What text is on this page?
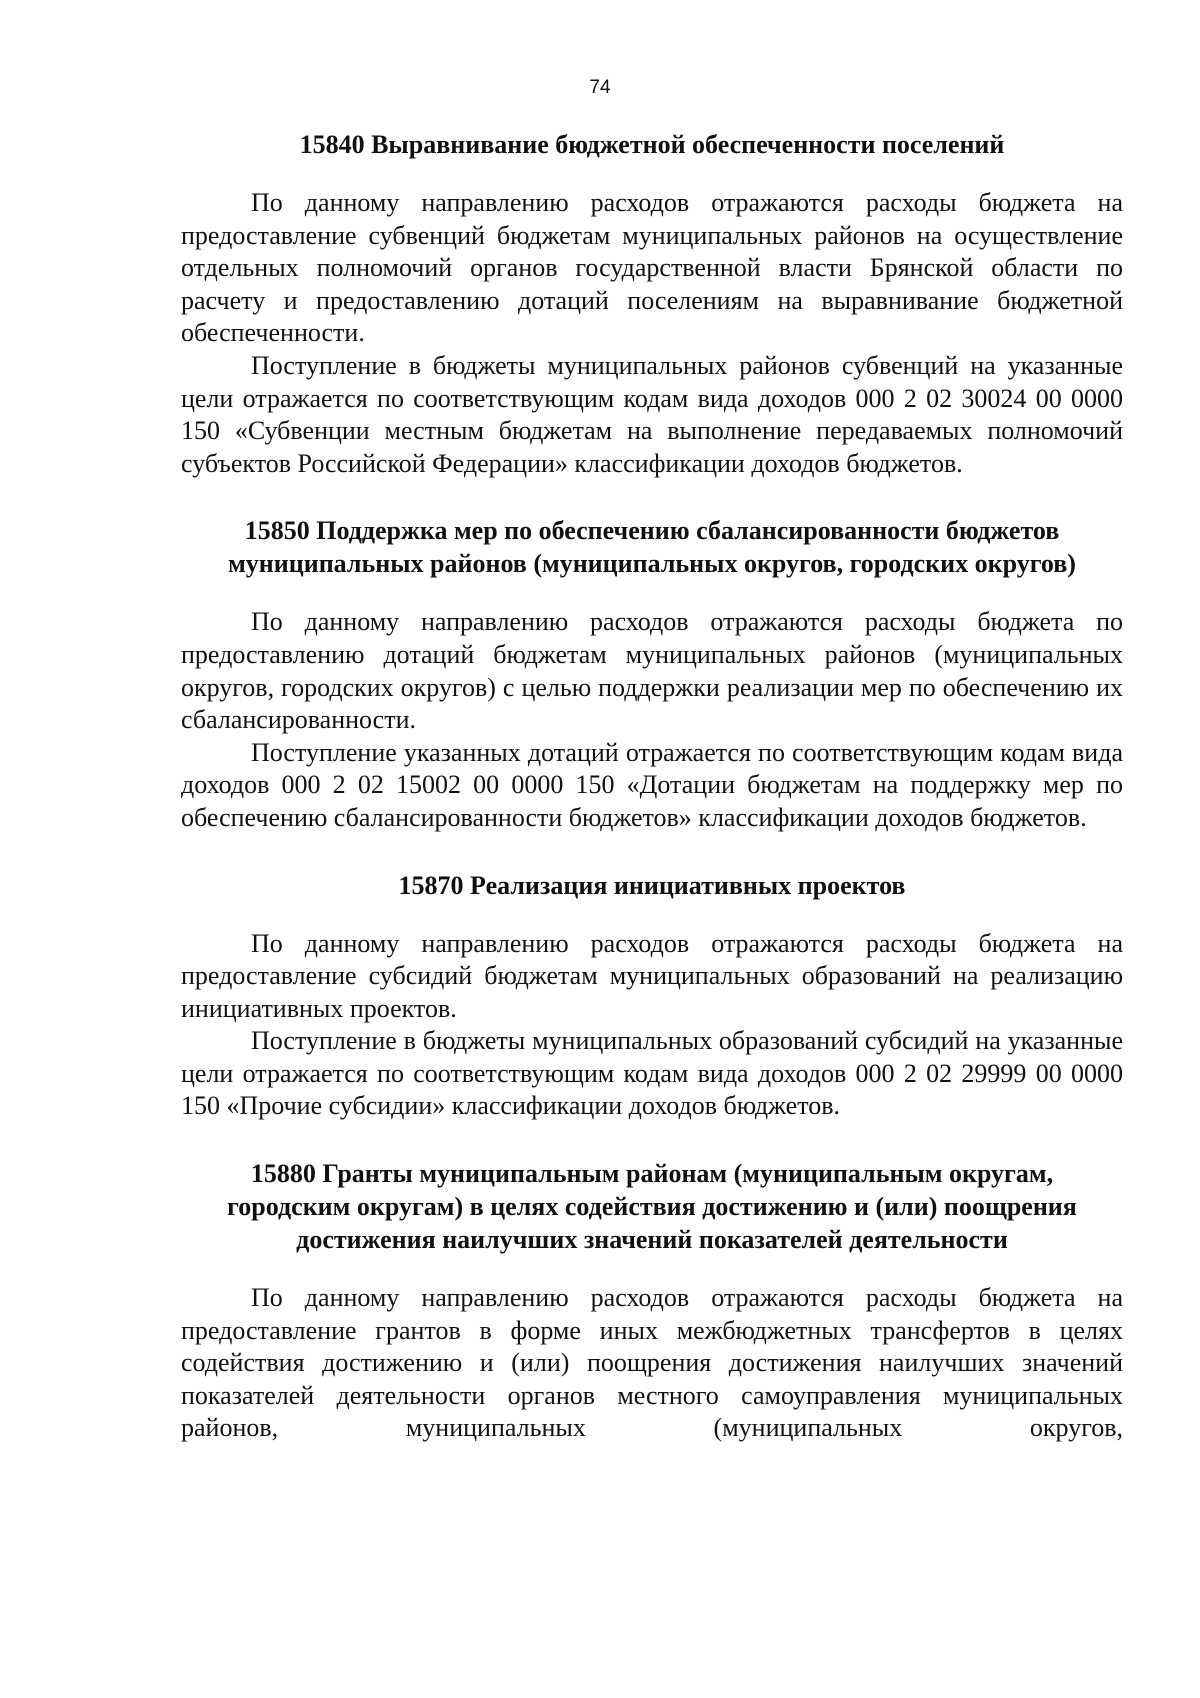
74
15840 Выравнивание бюджетной обеспеченности поселений

По данному направлению расходов отражаются расходы бюджета на предоставление субвенций бюджетам муниципальных районов на осуществление отдельных полномочий органов государственной власти Брянской области по расчету и предоставлению дотаций поселениям на выравнивание бюджетной обеспеченности.

Поступление в бюджеты муниципальных районов субвенций на указанные цели отражается по соответствующим кодам вида доходов 000 2 02 30024 00 0000 150 «Субвенции местным бюджетам на выполнение передаваемых полномочий субъектов Российской Федерации» классификации доходов бюджетов.

15850 Поддержка мер по обеспечению сбалансированности бюджетов
муниципальных районов (муниципальных округов, городских округов)

По данному направлению расходов отражаются расходы бюджета по предоставлению дотаций бюджетам муниципальных районов (муниципальных округов, городских округов) с целью поддержки реализации мер по обеспечению их сбалансированности.

Поступление указанных дотаций отражается по соответствующим кодам вида доходов 000 2 02 15002 00 0000 150 «Дотации бюджетам на поддержку мер по обеспечению сбалансированности бюджетов» классификации доходов бюджетов.

15870 Реализация инициативных проектов

По данному направлению расходов отражаются расходы бюджета на предоставление субсидий бюджетам муниципальных образований на реализацию инициативных проектов.

Поступление в бюджеты муниципальных образований субсидий на указанные цели отражается по соответствующим кодам вида доходов 000 2 02 29999 00 0000 150 «Прочие субсидии» классификации доходов бюджетов.

15880 Гранты муниципальным районам (муниципальным округам,
городским округам) в целях содействия достижению и (или) поощрения
достижения наилучших значений показателей деятельности

По данному направлению расходов отражаются расходы бюджета на предоставление грантов в форме иных межбюджетных трансфертов в целях содействия достижению и (или) поощрения достижения наилучших значений показателей деятельности органов местного самоуправления муниципальных районов, муниципальных (муниципальных округов,
